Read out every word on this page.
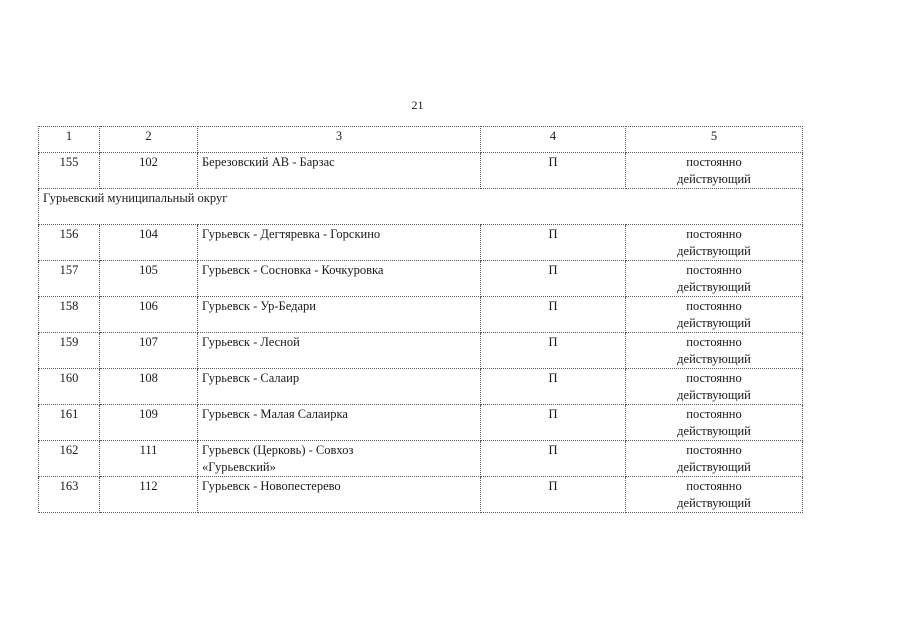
21
1	2	3	4	5
155	102	Березовский АВ - Барзас	П	постоянно
действующий

Гурьевский муниципальный округ				
156	104	Гурьевск - Дегтяревка - Горскино	П	постоянно
действующий

157	105	Гурьевск - Сосновка - Кочкуровка	П	постоянно
действующий

158	106	Гурьевск - Ур-Бедари	П	постоянно
действующий

159	107	Гурьевск - Лесной	П	постоянно
действующий

160	108	Гурьевск - Салаир	П	постоянно
действующий

161	109	Гурьевск - Малая Салаирка	П	постоянно
действующий

162	111	Гурьевск (Церковь) - Совхоз
«Гурьевский»	П	постоянно
действующий

163	112	Гурьевск - Новопестерево	П	постоянно
действующий
